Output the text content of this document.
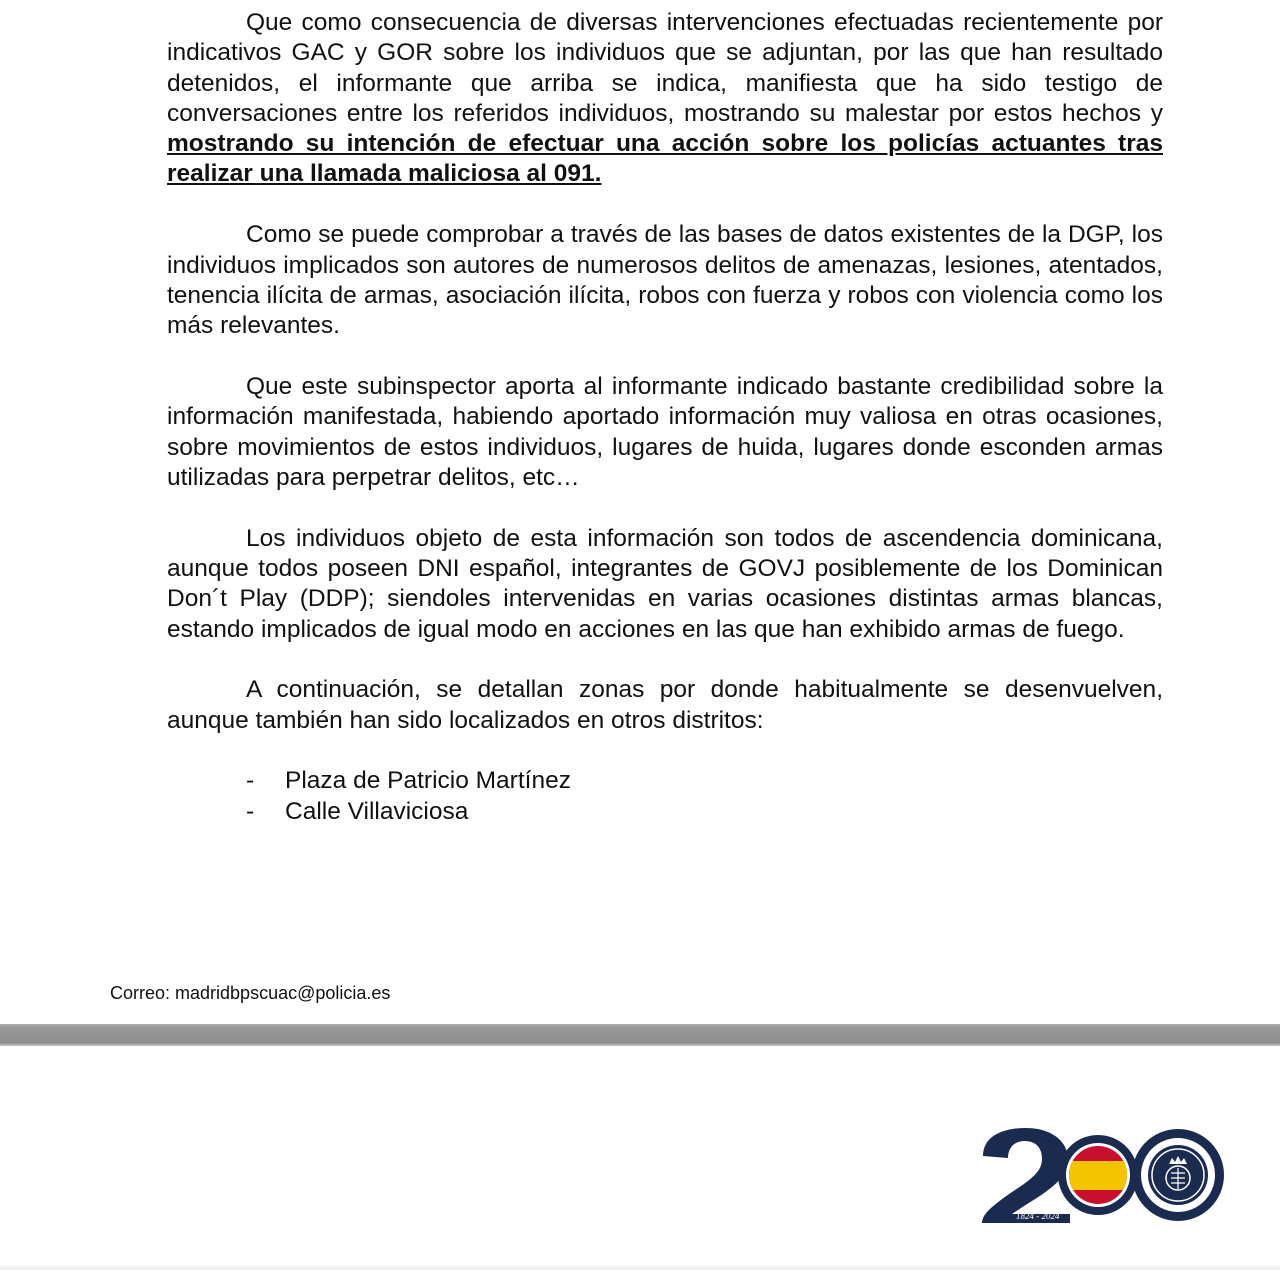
Que como consecuencia de diversas intervenciones efectuadas recientemente por indicativos GAC y GOR sobre los individuos que se adjuntan, por las que han resultado detenidos, el informante que arriba se indica, manifiesta que ha sido testigo de conversaciones entre los referidos individuos, mostrando su malestar por estos hechos y mostrando su intención de efectuar una acción sobre los policías actuantes tras realizar una llamada maliciosa al 091.

Como se puede comprobar a través de las bases de datos existentes de la DGP, los individuos implicados son autores de numerosos delitos de amenazas, lesiones, atentados, tenencia ilícita de armas, asociación ilícita, robos con fuerza y robos con violencia como los más relevantes.

Que este subinspector aporta al informante indicado bastante credibilidad sobre la información manifestada, habiendo aportado información muy valiosa en otras ocasiones, sobre movimientos de estos individuos, lugares de huida, lugares donde esconden armas utilizadas para perpetrar delitos, etc…

Los individuos objeto de esta información son todos de ascendencia dominicana, aunque todos poseen DNI español, integrantes de GOVJ posiblemente de los Dominican Don´t Play (DDP); siendoles intervenidas en varias ocasiones distintas armas blancas, estando implicados de igual modo en acciones en las que han exhibido armas de fuego.

A continuación, se detallan zonas por donde habitualmente se desenvuelven, aunque también han sido localizados en otros distritos:

- Plaza de Patricio Martínez
- Calle Villaviciosa
Correo: madridbpscuac@policia.es
1824 - 2024
